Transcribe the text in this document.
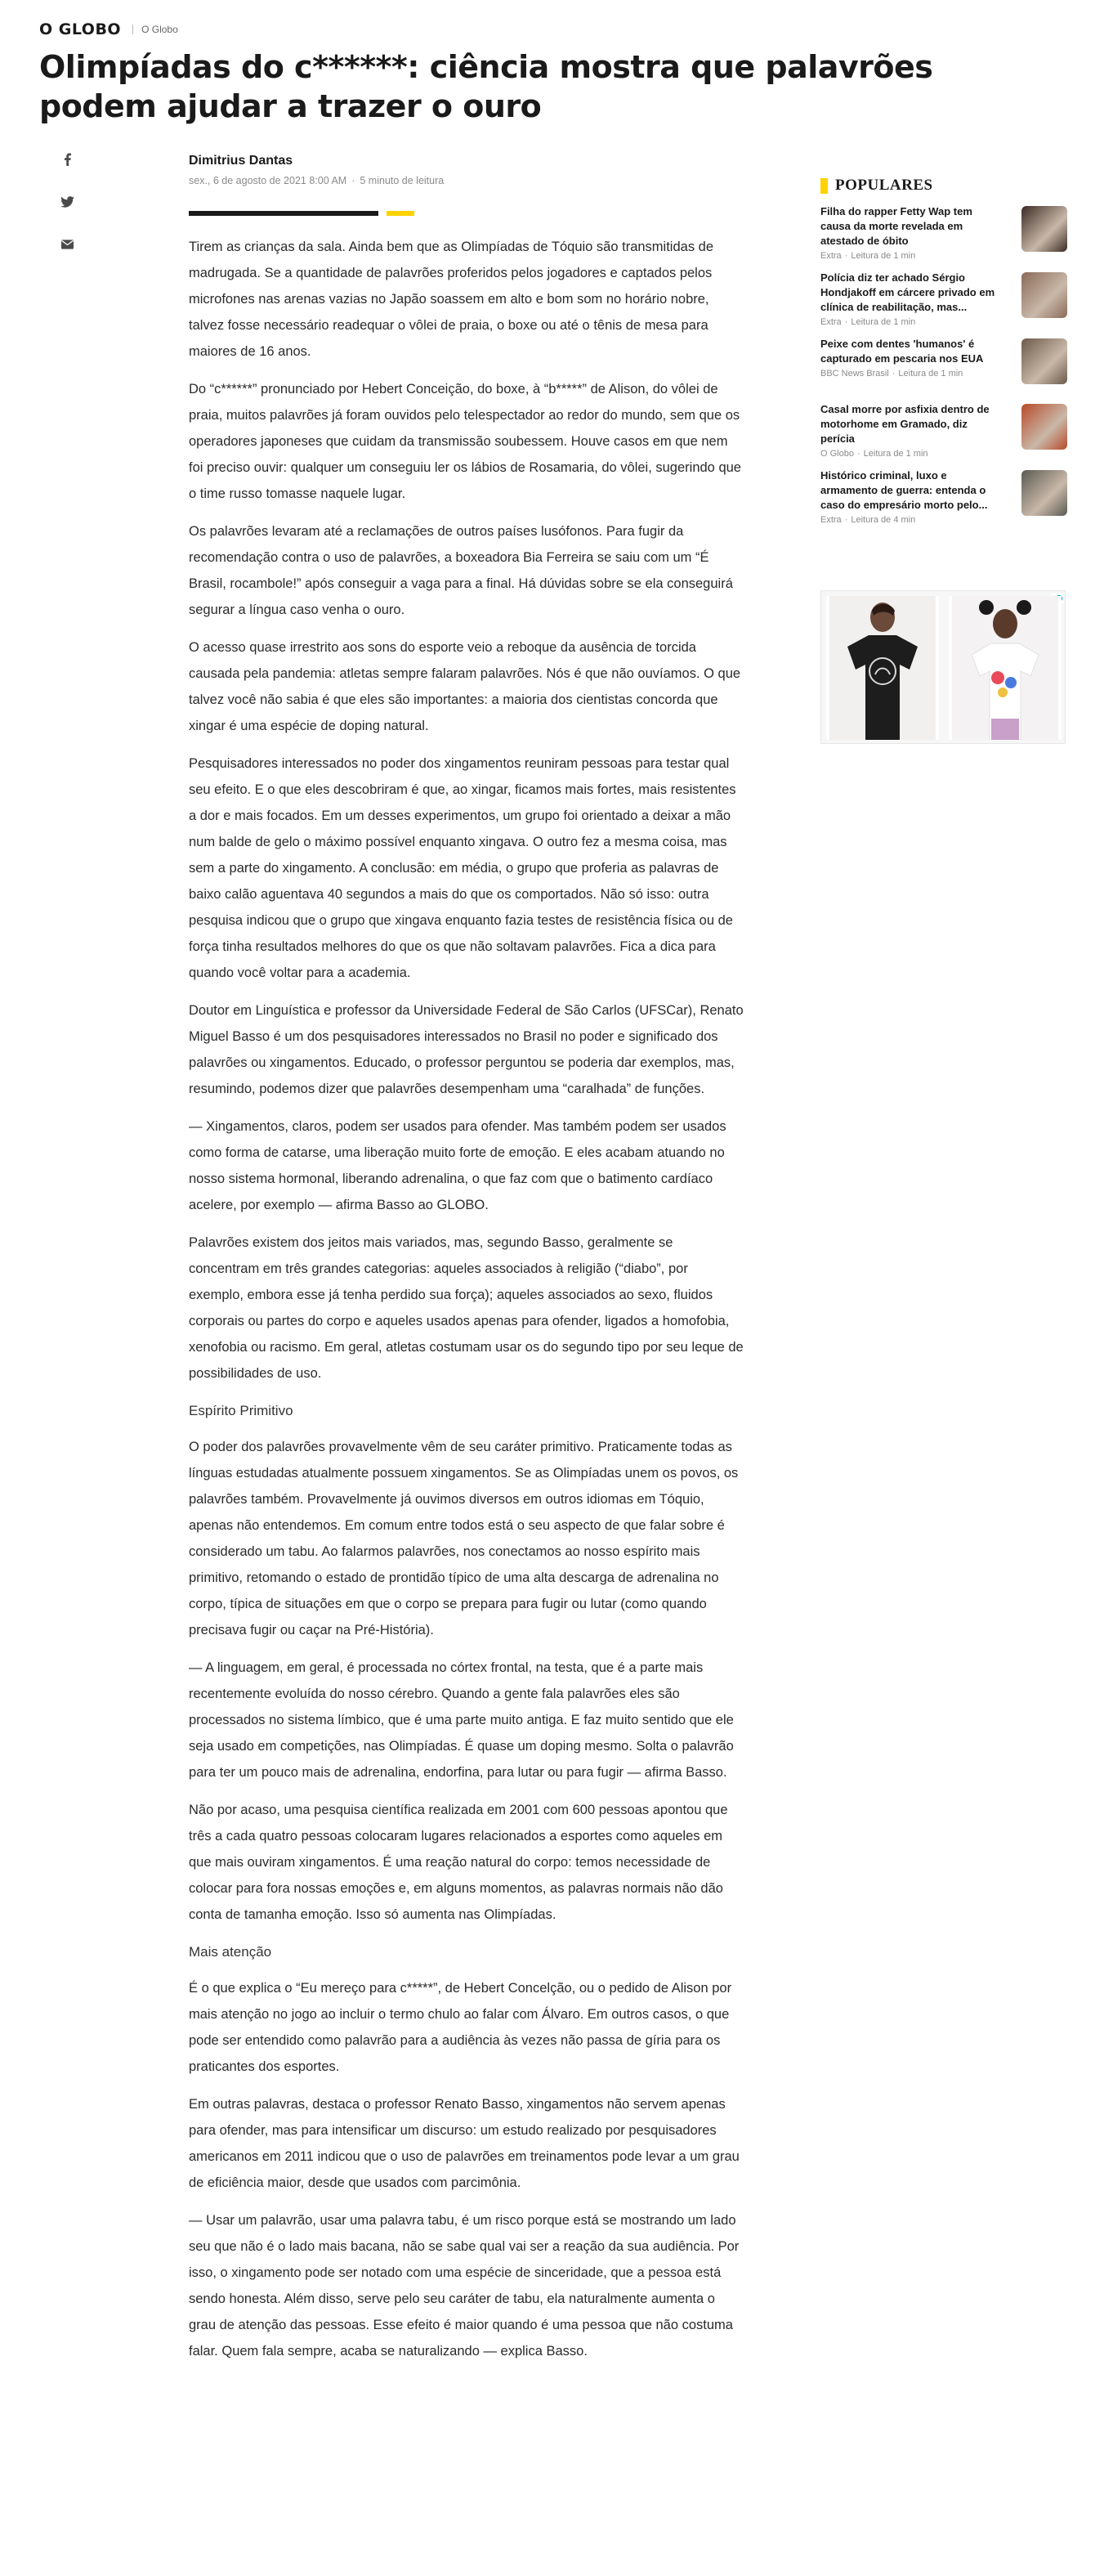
O GLOBO O Globo
Olimpíadas do c******: ciência mostra que palavrões podem ajudar a trazer o ouro
Dimitrius Dantas
sex., 6 de agosto de 2021 8:00 AM · 5 minuto de leitura

Tirem as crianças da sala. Ainda bem que as Olimpíadas de Tóquio são transmitidas de madrugada. Se a quantidade de palavrões proferidos pelos jogadores e captados pelos microfones nas arenas vazias no Japão soassem em alto e bom som no horário nobre, talvez fosse necessário readequar o vôlei de praia, o boxe ou até o tênis de mesa para maiores de 16 anos.

Do “c******” pronunciado por Hebert Conceição, do boxe, à “b*****” de Alison, do vôlei de praia, muitos palavrões já foram ouvidos pelo telespectador ao redor do mundo, sem que os operadores japoneses que cuidam da transmissão soubessem. Houve casos em que nem foi preciso ouvir: qualquer um conseguiu ler os lábios de Rosamaria, do vôlei, sugerindo que o time russo tomasse naquele lugar.

Os palavrões levaram até a reclamações de outros países lusófonos. Para fugir da recomendação contra o uso de palavrões, a boxeadora Bia Ferreira se saiu com um “É Brasil, rocambole!” após conseguir a vaga para a final. Há dúvidas sobre se ela conseguirá segurar a língua caso venha o ouro.

O acesso quase irrestrito aos sons do esporte veio a reboque da ausência de torcida causada pela pandemia: atletas sempre falaram palavrões. Nós é que não ouvíamos. O que talvez você não sabia é que eles são importantes: a maioria dos cientistas concorda que xingar é uma espécie de doping natural.

Pesquisadores interessados no poder dos xingamentos reuniram pessoas para testar qual seu efeito. E o que eles descobriram é que, ao xingar, ficamos mais fortes, mais resistentes a dor e mais focados. Em um desses experimentos, um grupo foi orientado a deixar a mão num balde de gelo o máximo possível enquanto xingava. O outro fez a mesma coisa, mas sem a parte do xingamento. A conclusão: em média, o grupo que proferia as palavras de baixo calão aguentava 40 segundos a mais do que os comportados. Não só isso: outra pesquisa indicou que o grupo que xingava enquanto fazia testes de resistência física ou de força tinha resultados melhores do que os que não soltavam palavrões. Fica a dica para quando você voltar para a academia.

Doutor em Linguística e professor da Universidade Federal de São Carlos (UFSCar), Renato Miguel Basso é um dos pesquisadores interessados no Brasil no poder e significado dos palavrões ou xingamentos. Educado, o professor perguntou se poderia dar exemplos, mas, resumindo, podemos dizer que palavrões desempenham uma “caralhada” de funções.

— Xingamentos, claros, podem ser usados para ofender. Mas também podem ser usados como forma de catarse, uma liberação muito forte de emoção. E eles acabam atuando no nosso sistema hormonal, liberando adrenalina, o que faz com que o batimento cardíaco acelere, por exemplo — afirma Basso ao GLOBO.

Palavrões existem dos jeitos mais variados, mas, segundo Basso, geralmente se concentram em três grandes categorias: aqueles associados à religião (“diabo”, por exemplo, embora esse já tenha perdido sua força); aqueles associados ao sexo, fluidos corporais ou partes do corpo e aqueles usados apenas para ofender, ligados a homofobia, xenofobia ou racismo. Em geral, atletas costumam usar os do segundo tipo por seu leque de possibilidades de uso.

Espírito Primitivo

O poder dos palavrões provavelmente vêm de seu caráter primitivo. Praticamente todas as línguas estudadas atualmente possuem xingamentos. Se as Olimpíadas unem os povos, os palavrões também. Provavelmente já ouvimos diversos em outros idiomas em Tóquio, apenas não entendemos. Em comum entre todos está o seu aspecto de que falar sobre é considerado um tabu. Ao falarmos palavrões, nos conectamos ao nosso espírito mais primitivo, retomando o estado de prontidão típico de uma alta descarga de adrenalina no corpo, típica de situações em que o corpo se prepara para fugir ou lutar (como quando precisava fugir ou caçar na Pré-História).

— A linguagem, em geral, é processada no córtex frontal, na testa, que é a parte mais recentemente evoluída do nosso cérebro. Quando a gente fala palavrões eles são processados no sistema límbico, que é uma parte muito antiga. E faz muito sentido que ele seja usado em competições, nas Olimpíadas. É quase um doping mesmo. Solta o palavrão para ter um pouco mais de adrenalina, endorfina, para lutar ou para fugir — afirma Basso.

Não por acaso, uma pesquisa científica realizada em 2001 com 600 pessoas apontou que três a cada quatro pessoas colocaram lugares relacionados a esportes como aqueles em que mais ouviram xingamentos. É uma reação natural do corpo: temos necessidade de colocar para fora nossas emoções e, em alguns momentos, as palavras normais não dão conta de tamanha emoção. Isso só aumenta nas Olimpíadas.

Mais atenção

É o que explica o “Eu mereço para c*****”, de Hebert Concelção, ou o pedido de Alison por mais atenção no jogo ao incluir o termo chulo ao falar com Álvaro. Em outros casos, o que pode ser entendido como palavrão para a audiência às vezes não passa de gíria para os praticantes dos esportes.

Em outras palavras, destaca o professor Renato Basso, xingamentos não servem apenas para ofender, mas para intensificar um discurso: um estudo realizado por pesquisadores americanos em 2011 indicou que o uso de palavrões em treinamentos pode levar a um grau de eficiência maior, desde que usados com parcimônia.

— Usar um palavrão, usar uma palavra tabu, é um risco porque está se mostrando um lado seu que não é o lado mais bacana, não se sabe qual vai ser a reação da sua audiência. Por isso, o xingamento pode ser notado com uma espécie de sinceridade, que a pessoa está sendo honesta. Além disso, serve pelo seu caráter de tabu, ela naturalmente aumenta o grau de atenção das pessoas. Esse efeito é maior quando é uma pessoa que não costuma falar. Quem fala sempre, acaba se naturalizando — explica Basso.

POPULARES
Filha do rapper Fetty Wap tem causa da morte revelada em atestado de óbito
Extra · Leitura de 1 min
Polícia diz ter achado Sérgio Hondjakoff em cárcere privado em clínica de reabilitação, mas...
Extra · Leitura de 1 min
Peixe com dentes 'humanos' é capturado em pescaria nos EUA
BBC News Brasil · Leitura de 1 min
Casal morre por asfixia dentro de motorhome em Gramado, diz perícia
O Globo · Leitura de 1 min
Histórico criminal, luxo e armamento de guerra: entenda o caso do empresário morto pelo...
Extra · Leitura de 4 min
